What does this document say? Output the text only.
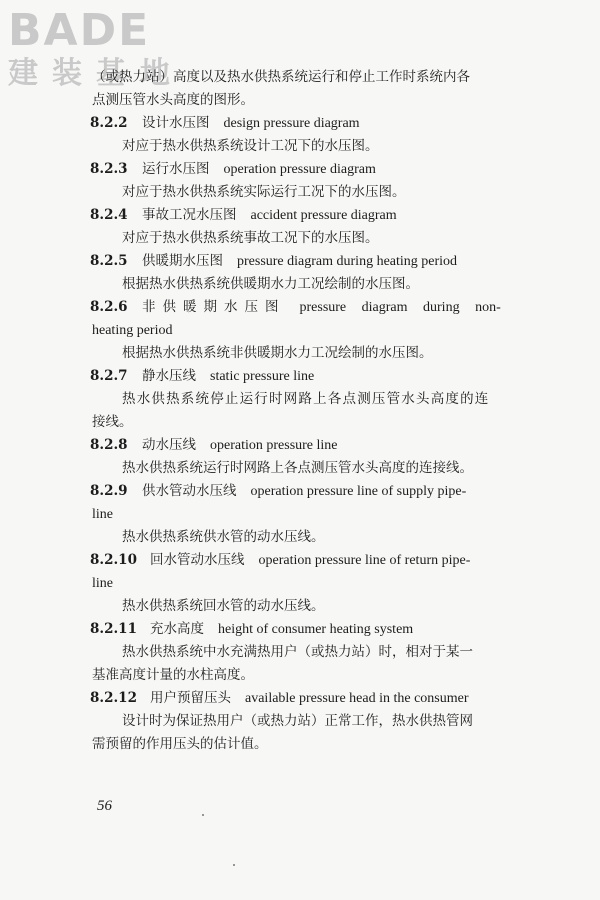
BADE
建装基地
（或热力站）高度以及热水供热系统运行和停止工作时系统内各
点测压管水头高度的图形。
8.2.2 设计水压图 design pressure diagram
对应于热水供热系统设计工况下的水压图。
8.2.3 运行水压图 operation pressure diagram
对应于热水供热系统实际运行工况下的水压图。
8.2.4 事故工况水压图 accident pressure diagram
对应于热水供热系统事故工况下的水压图。
8.2.5 供暖期水压图 pressure diagram during heating period
根据热水供热系统供暖期水力工况绘制的水压图。
8.2.6 非供暖期水压图 pressure diagram during non-
heating period
根据热水供热系统非供暖期水力工况绘制的水压图。
8.2.7 静水压线 static pressure line
热水供热系统停止运行时网路上各点测压管水头高度的连
接线。
8.2.8 动水压线 operation pressure line
热水供热系统运行时网路上各点测压管水头高度的连接线。
8.2.9 供水管动水压线 operation pressure line of supply pipe-
line
热水供热系统供水管的动水压线。
8.2.10 回水管动水压线 operation pressure line of return pipe-
line
热水供热系统回水管的动水压线。
8.2.11 充水高度 height of consumer heating system
热水供热系统中水充满热用户（或热力站）时，相对于某一
基准高度计量的水柱高度。
8.2.12 用户预留压头 available pressure head in the consumer
设计时为保证热用户（或热力站）正常工作，热水供热管网
需预留的作用压头的估计值。
56
